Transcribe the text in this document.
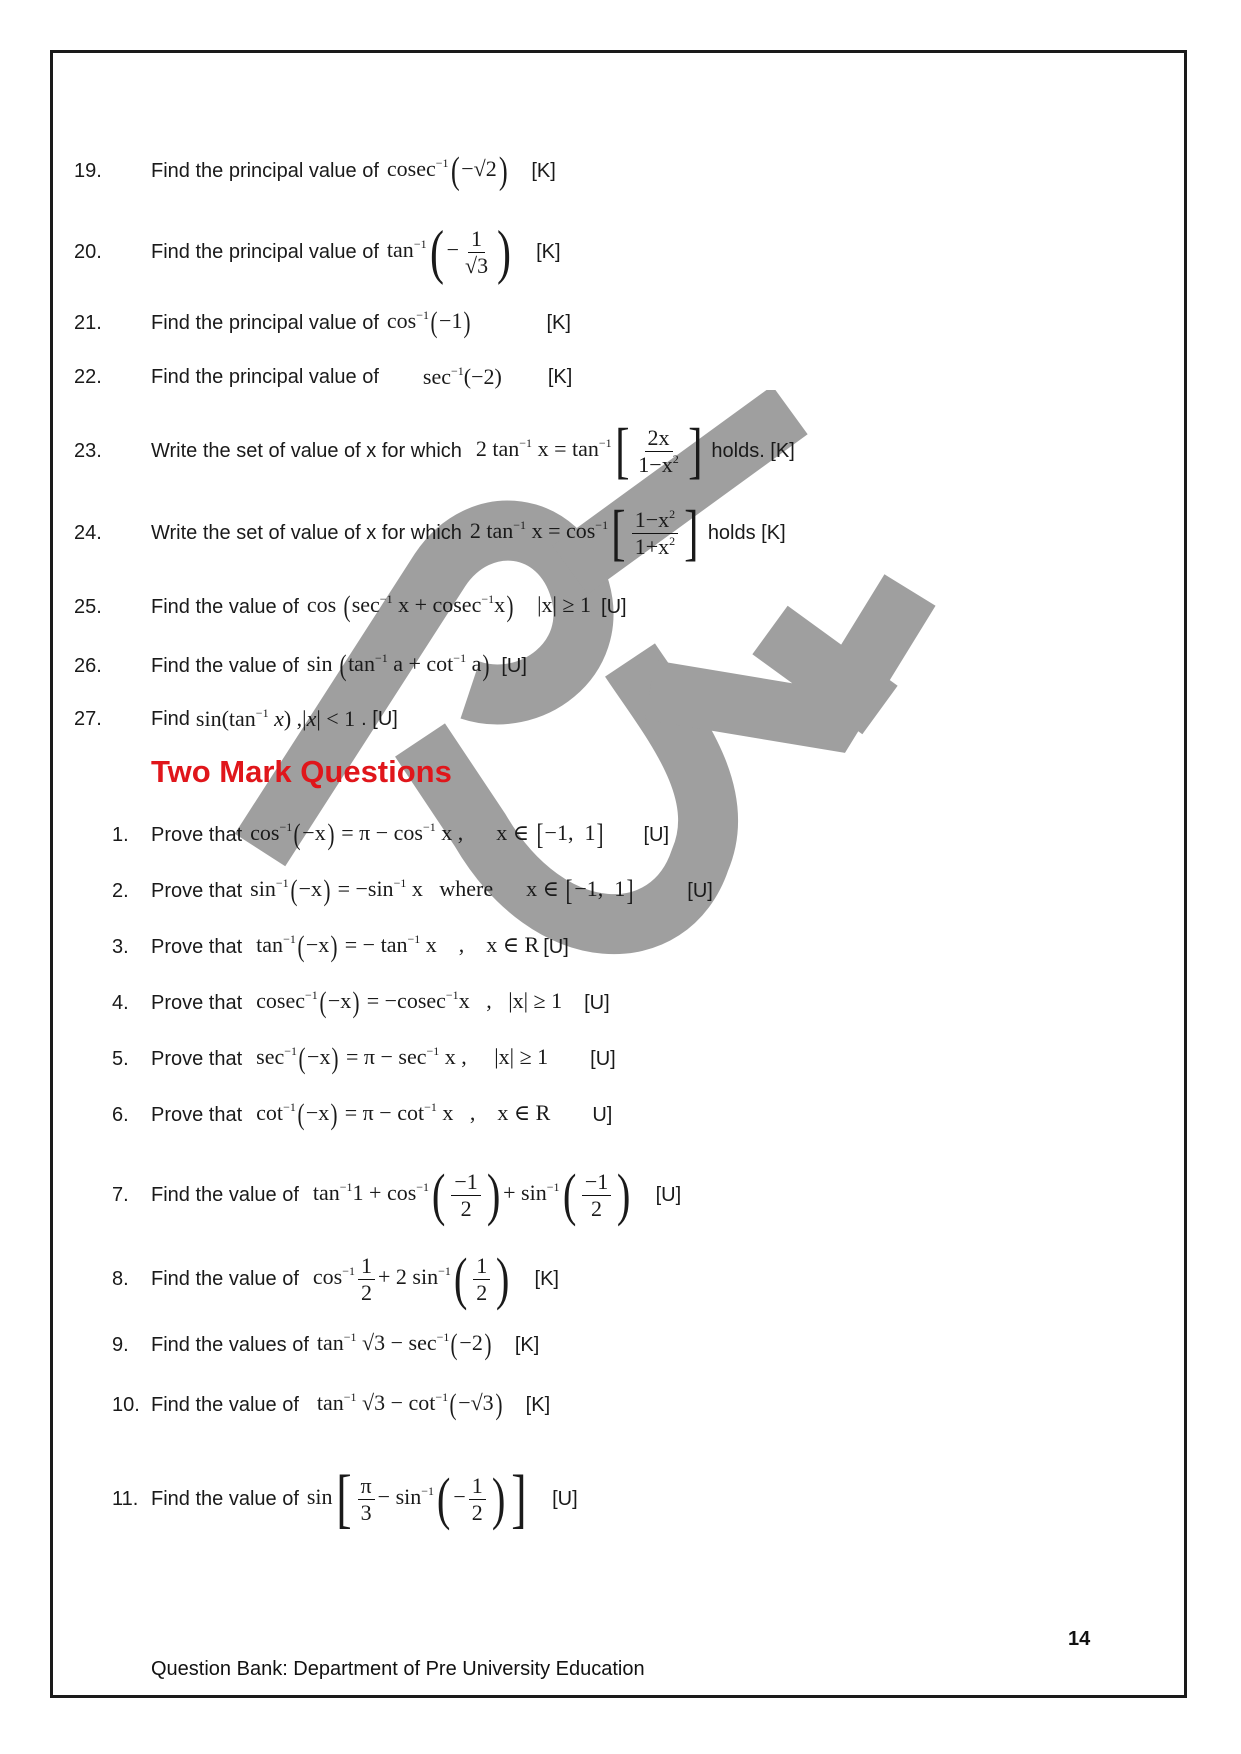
19.	Find the principal value of cosec$^{-1}$(−√2) [K]
20.	Find the principal value of $\tan^{-1}( - \frac{1}{√3}$ ) [K]
21.	Find the principal value of $\cos^{-1}(-1)$	[K]
22.	Find the principal value of $\sec^{-1}(-2)$ [K]
23.	Write the set of value of x for which 2 $\tan^{-1} x = \tan^{-1}[ \frac{2x}{1-x^2}$ ] holds. [K]
24.	Write the set of value of x for which 2 $\tan^{-1} x = \cos^{-1}[ \frac{1-x^2}{1+x^2}$ ] holds [K]
25.	Find the value of $\cos (\sec^{-1}$ x + cosec$^{-1}$x)    |x| ≥ 1 [U]
26.	Find the value of $\sin (\tan^{-1}$ $a + \cot^{-1} a$) [U]
27.	Find $\sin(\tan^{-1}$ x) ,|x| < 1 . [U]
Two Mark Questions
1.	Prove that $\cos^{-1}(-x) = \pi - \cos^{-1} x$ ,      x ∈ [−1,  1] [U]
2.	Prove that $\sin^{-1}(-x) = -\sin^{-1}$ x   where      x ∈ [−1,  1]	[U]
3.	Prove that $\tan^{-1}(-x)$ = − $\tan^{-1} x$    ,    x ∈ R [U]
4.	Prove that cosec$^{-1}$(−x) = −cosec$^{-1}$x   ,   |x| ≥ 1 [U]
5.	Prove that $\sec^{-1}(-x) = \pi - \sec^{-1} x$ ,     |x| ≥ 1 [U]
6.	Prove that $\cot^{-1}(-x) = \pi - \cot^{-1} x$   ,    x ∈ R U]
7.	Find the value of $\tan^{-1}1 + \cos^{-1}( \frac{-1}{2}$ ) + $\sin^{-1}( \frac{-1}{2}$ ) [U]
8.	Find the value of $\cos^{-1} \frac{1}{2} + 2$ $\sin^{-1}( \frac{1}{2}$ ) [K]
9.	Find the values of $\tan^{-1} √3 - \sec^{-1}(-2)$ [K]
10. Find the value of $\tan^{-1} √3 - \cot^{-1}(-√3)$ [K]
11. Find the value of $\sin[ \frac{\pi}{3} - \sin^{-1}( - \frac{1}{2}$ )] [U]
14
Question Bank: Department of Pre University Education
